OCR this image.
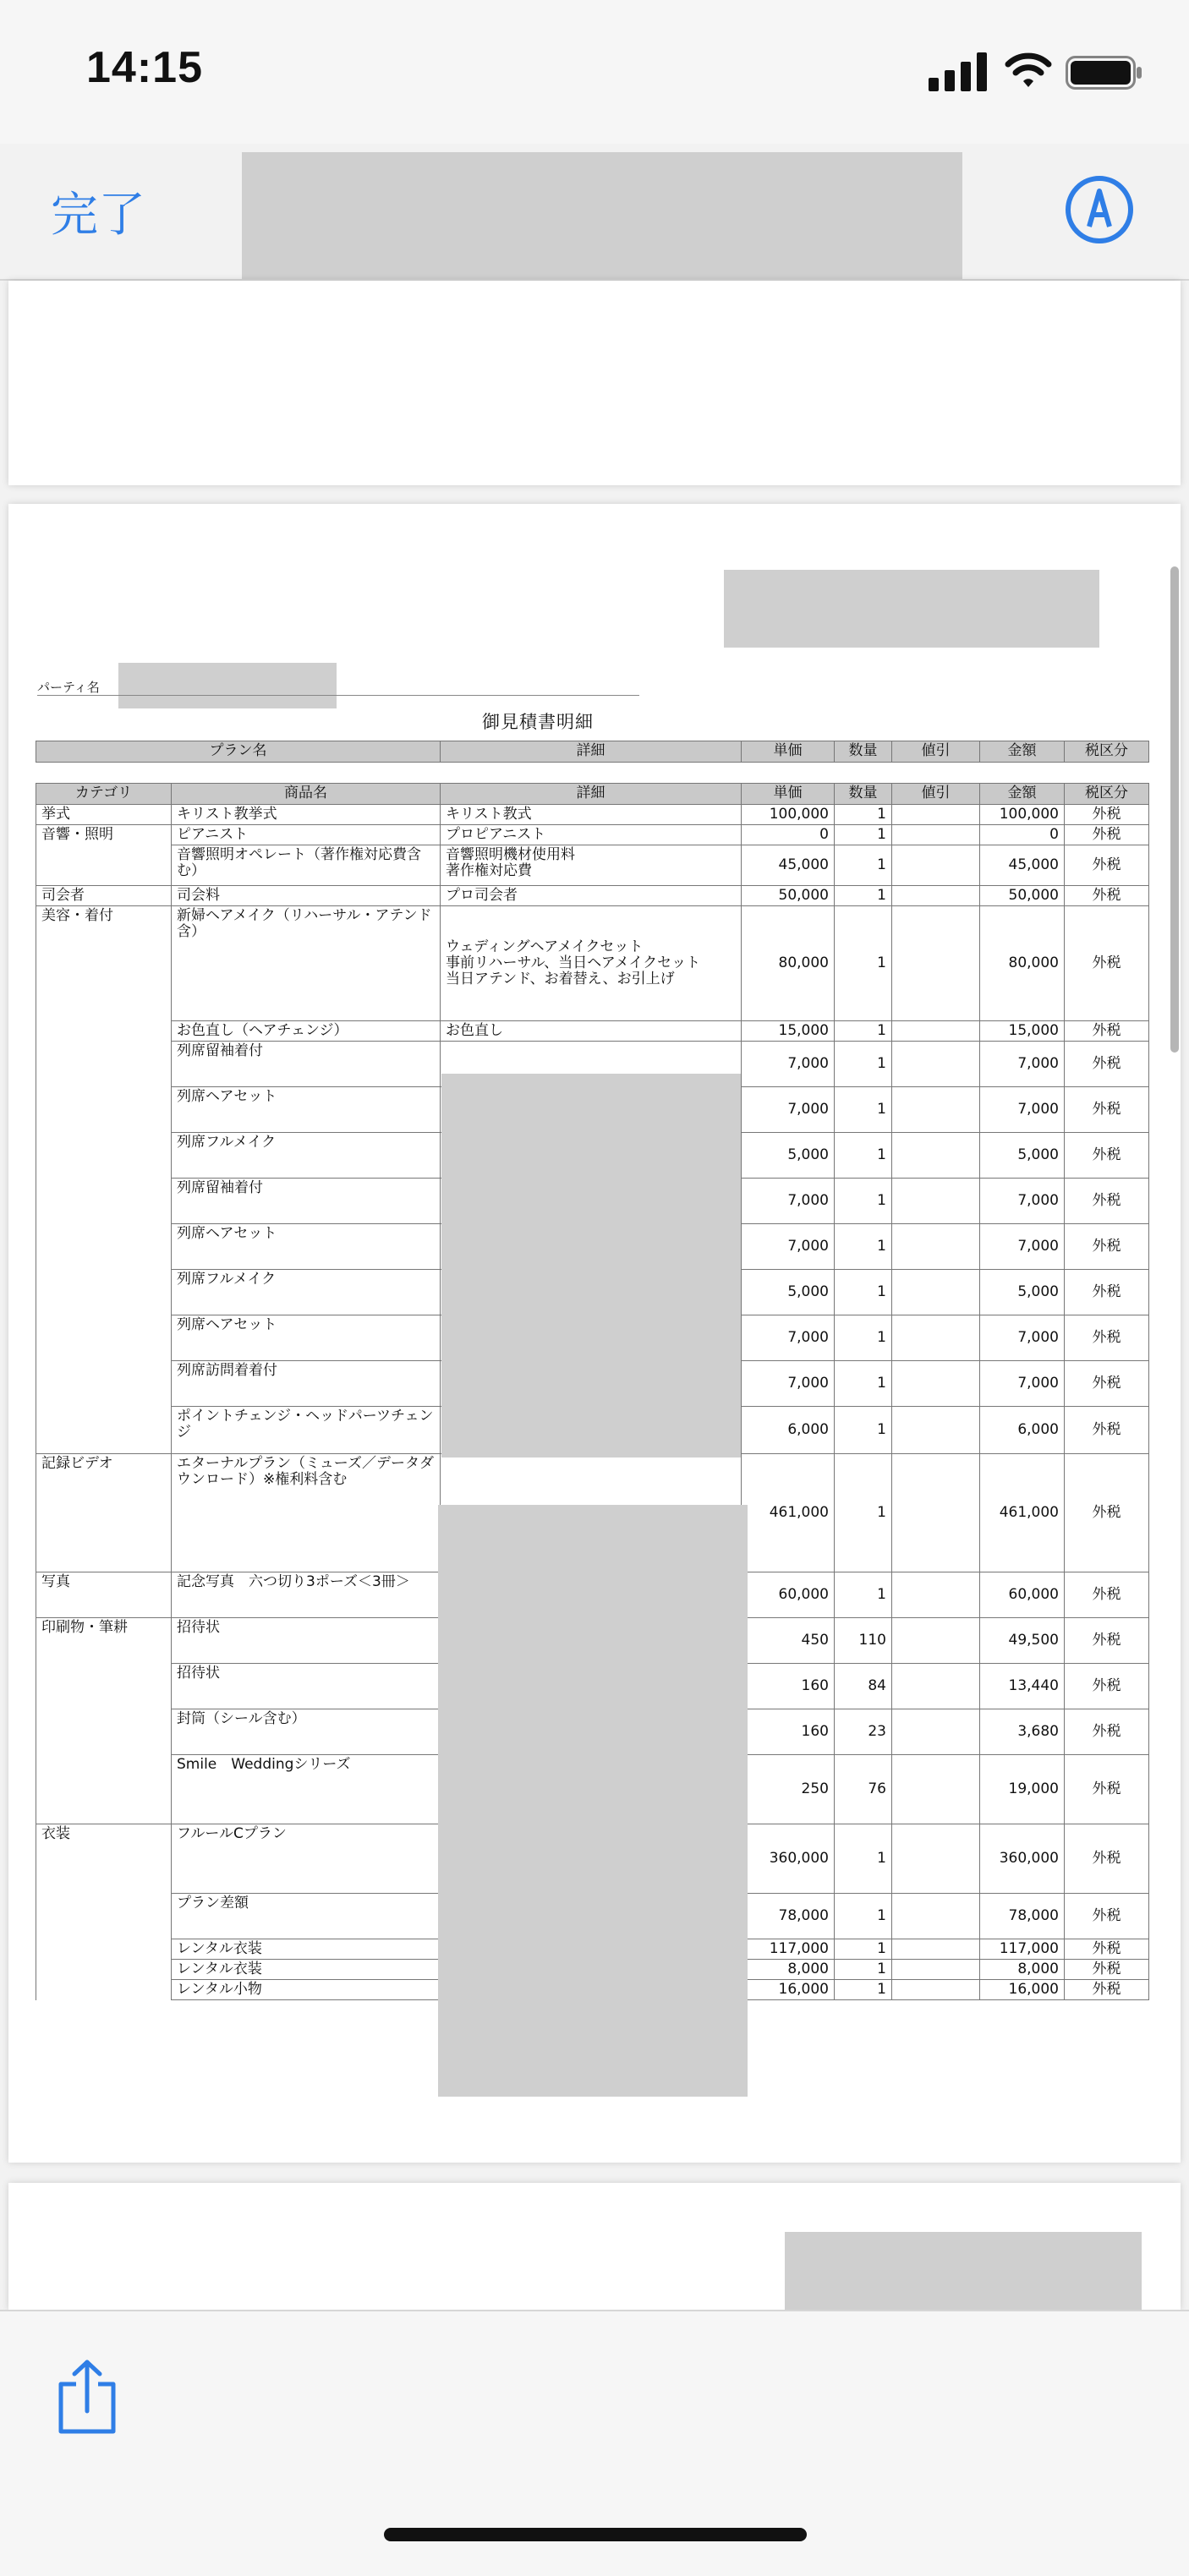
14:15
完了
パーティ名
御見積書明細
プラン名	詳細	単価	数量	値引	金額	税区分
カテゴリ	商品名	詳細	単価	数量	値引	金額	税区分
挙式	キリスト教挙式	キリスト教式	100,000	1		100,000	外税
音響・照明	ピアニスト	プロピアニスト	0	1		0	外税
	音響照明オペレート（著作権対応費含む）	音響照明機材使用料
著作権対応費	45,000	1		45,000	外税
司会者	司会料	プロ司会者	50,000	1		50,000	外税
美容・着付	新婦ヘアメイク（リハーサル・アテンド含）	ウェディングヘアメイクセット
事前リハーサル、当日ヘアメイクセット
当日アテンド、お着替え、お引上げ	80,000	1		80,000	外税
	お色直し（ヘアチェンジ）	お色直し	15,000	1		15,000	外税
	列席留袖着付		7,000	1		7,000	外税
	列席ヘアセット		7,000	1		7,000	外税
	列席フルメイク		5,000	1		5,000	外税
	列席留袖着付		7,000	1		7,000	外税
	列席ヘアセット		7,000	1		7,000	外税
	列席フルメイク		5,000	1		5,000	外税
	列席ヘアセット		7,000	1		7,000	外税
	列席訪問着着付		7,000	1		7,000	外税
	ポイントチェンジ・ヘッドパーツチェンジ		6,000	1		6,000	外税
記録ビデオ	エターナルプラン（ミューズ／データダウンロード）※権利料含む		461,000	1		461,000	外税
写真	記念写真　六つ切り3ポーズ＜3冊＞		60,000	1		60,000	外税
印刷物・筆耕	招待状		450	110		49,500	外税
	招待状		160	84		13,440	外税
	封筒（シール含む）		160	23		3,680	外税
	Smile　Weddingシリーズ		250	76		19,000	外税
衣装	フルールCプラン		360,000	1		360,000	外税
	プラン差額		78,000	1		78,000	外税
	レンタル衣装		117,000	1		117,000	外税
	レンタル衣装		8,000	1		8,000	外税
	レンタル小物		16,000	1		16,000	外税
